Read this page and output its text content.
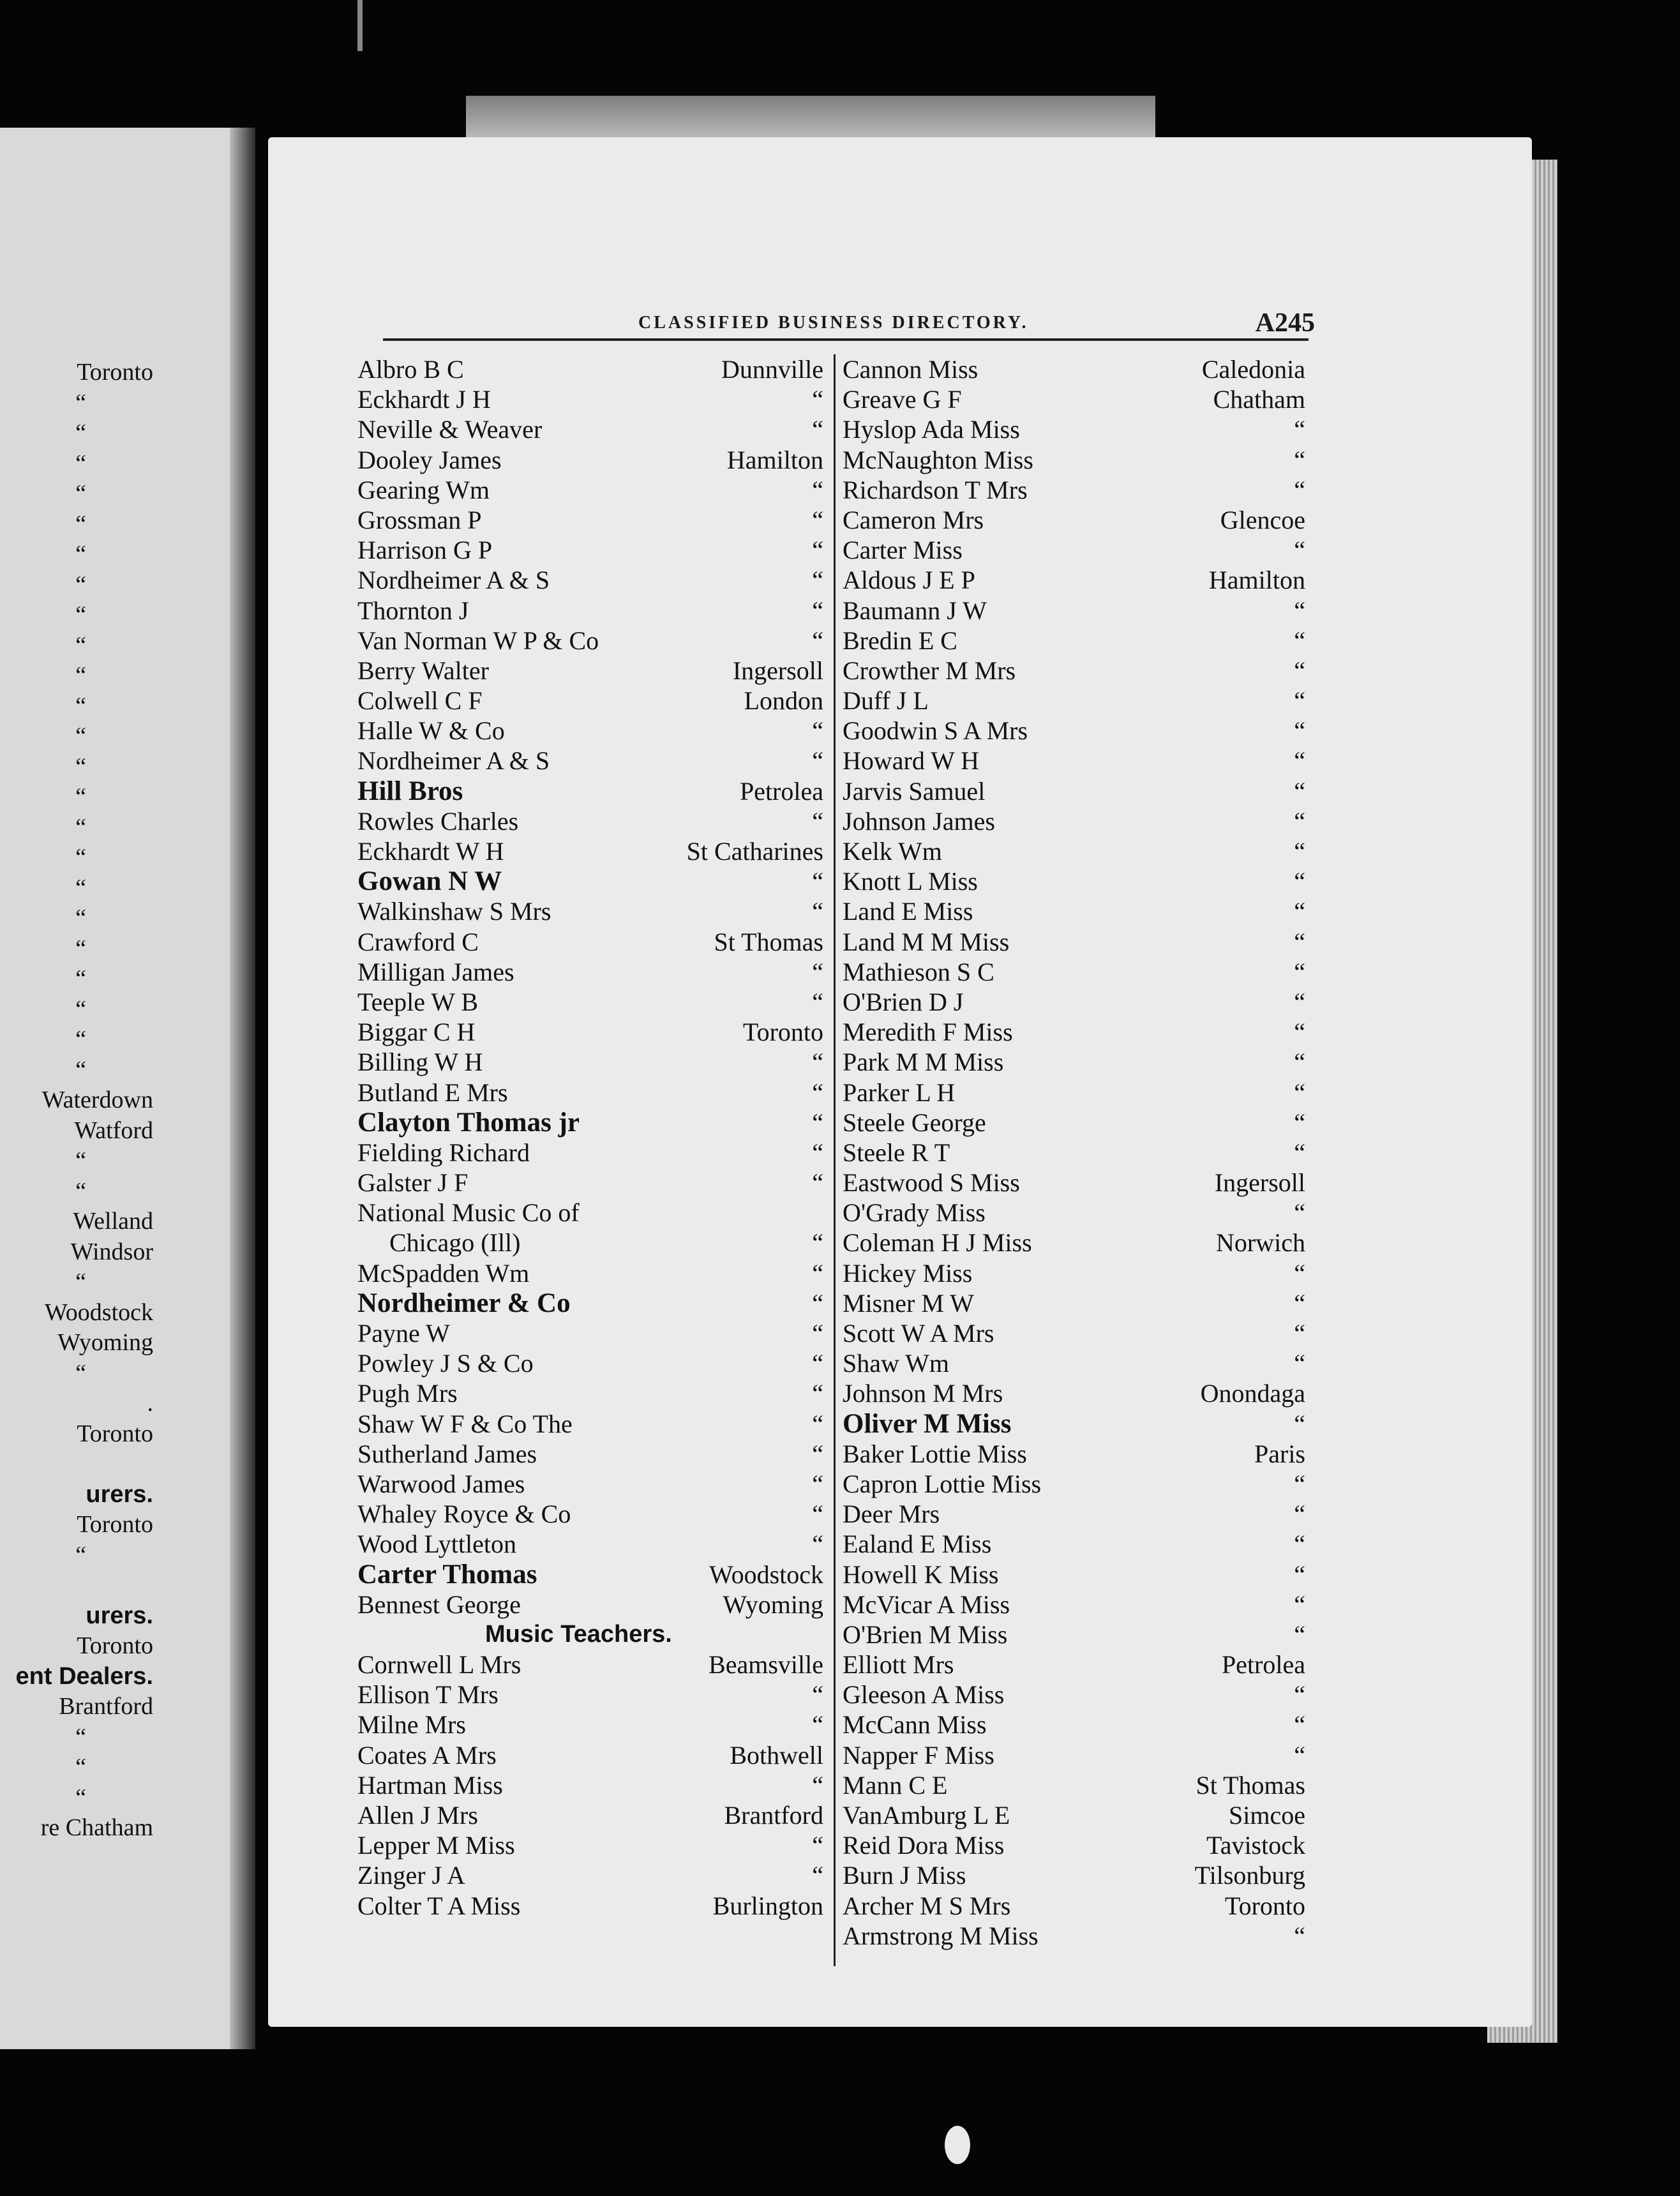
Toronto
“
“
“
“
“
“
“
“
“
“
“
“
“
“
“
“
“
“
“
“
“
“
“
Waterdown
Watford
“
“
Welland
Windsor
“
Woodstock
Wyoming
“
.
Toronto
urers.
Toronto
“
urers.
Toronto
ent Dealers.
Brantford
“
“
“
re Chatham
CLASSIFIED BUSINESS DIRECTORY.	A245
Albro B C	Dunnville
Eckhardt J H	“
Neville & Weaver	“
Dooley James	Hamilton
Gearing Wm	“
Grossman P	“
Harrison G P	“
Nordheimer A & S	“
Thornton J	“
Van Norman W P & Co	“
Berry Walter	Ingersoll
Colwell C F	London
Halle W & Co	“
Nordheimer A & S	“
Hill Bros	Petrolea
Rowles Charles	“
Eckhardt W H	St Catharines
Gowan N W	“
Walkinshaw S Mrs	“
Crawford C	St Thomas
Milligan James	“
Teeple W B	“
Biggar C H	Toronto
Billing W H	“
Butland E Mrs	“
Clayton Thomas jr	“
Fielding Richard	“
Galster J F	“
National Music Co of
Chicago (Ill)	“
McSpadden Wm	“
Nordheimer & Co	“
Payne W	“
Powley J S & Co	“
Pugh Mrs	“
Shaw W F & Co The	“
Sutherland James	“
Warwood James	“
Whaley Royce & Co	“
Wood Lyttleton	“
Carter Thomas	Woodstock
Bennest George	Wyoming
Music Teachers.
Cornwell L Mrs	Beamsville
Ellison T Mrs	“
Milne Mrs	“
Coates A Mrs	Bothwell
Hartman Miss	“
Allen J Mrs	Brantford
Lepper M Miss	“
Zinger J A	“
Colter T A Miss	Burlington
Cannon Miss	Caledonia
Greave G F	Chatham
Hyslop Ada Miss	“
McNaughton Miss	“
Richardson T Mrs	“
Cameron Mrs	Glencoe
Carter Miss	“
Aldous J E P	Hamilton
Baumann J W	“
Bredin E C	“
Crowther M Mrs	“
Duff J L	“
Goodwin S A Mrs	“
Howard W H	“
Jarvis Samuel	“
Johnson James	“
Kelk Wm	“
Knott L Miss	“
Land E Miss	“
Land M M Miss	“
Mathieson S C	“
O'Brien D J	“
Meredith F Miss	“
Park M M Miss	“
Parker L H	“
Steele George	“
Steele R T	“
Eastwood S Miss	Ingersoll
O'Grady Miss	“
Coleman H J Miss	Norwich
Hickey Miss	“
Misner M W	“
Scott W A Mrs	“
Shaw Wm	“
Johnson M Mrs	Onondaga
Oliver M Miss	“
Baker Lottie Miss	Paris
Capron Lottie Miss	“
Deer Mrs	“
Ealand E Miss	“
Howell K Miss	“
McVicar A Miss	“
O'Brien M Miss	“
Elliott Mrs	Petrolea
Gleeson A Miss	“
McCann Miss	“
Napper F Miss	“
Mann C E	St Thomas
VanAmburg L E	Simcoe
Reid Dora Miss	Tavistock
Burn J Miss	Tilsonburg
Archer M S Mrs	Toronto
Armstrong M Miss	“
